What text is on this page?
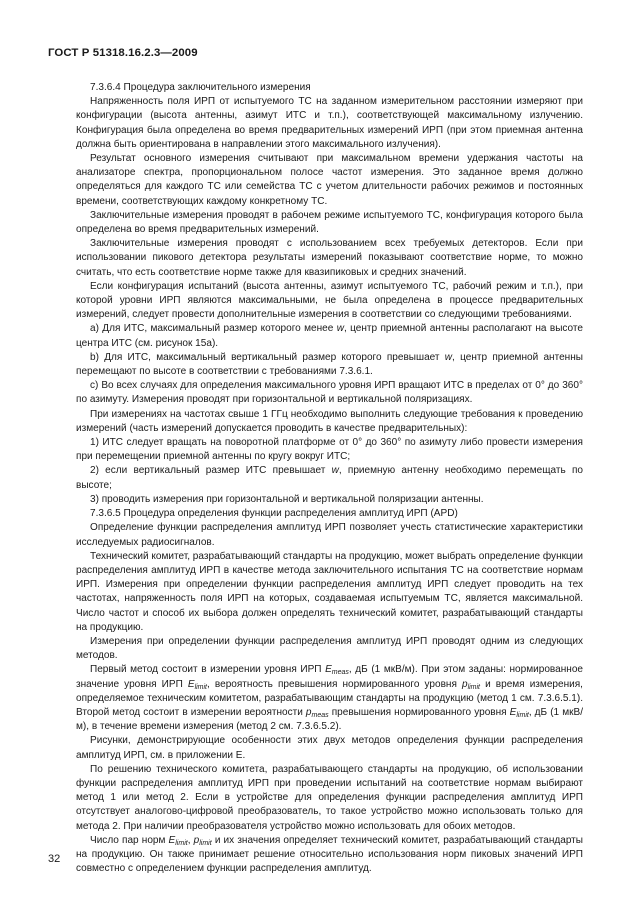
ГОСТ Р 51318.16.2.3—2009

7.3.6.4 Процедура заключительного измерения

Напряженность поля ИРП от испытуемого ТС на заданном измерительном расстоянии измеряют при конфигурации (высота антенны, азимут ИТС и т.п.), соответствующей максимальному излучению. Конфигурация была определена во время предварительных измерений ИРП (при этом приемная антенна должна быть ориентирована в направлении этого максимального излучения).

Результат основного измерения считывают при максимальном времени удержания частоты на анализаторе спектра, пропорциональном полосе частот измерения. Это заданное время должно определяться для каждого ТС или семейства ТС с учетом длительности рабочих режимов и постоянных времени, соответствующих каждому конкретному ТС.

Заключительные измерения проводят в рабочем режиме испытуемого ТС, конфигурация которого была определена во время предварительных измерений.

Заключительные измерения проводят с использованием всех требуемых детекторов. Если при использовании пикового детектора результаты измерений показывают соответствие норме, то можно считать, что есть соответствие норме также для квазипиковых и средних значений.

Если конфигурация испытаний (высота антенны, азимут испытуемого ТС, рабочий режим и т.п.), при которой уровни ИРП являются максимальными, не была определена в процессе предварительных измерений, следует провести дополнительные измерения в соответствии со следующими требованиями.

а) Для ИТС, максимальный размер которого менее w, центр приемной антенны располагают на высоте центра ИТС (см. рисунок 15а).

b) Для ИТС, максимальный вертикальный размер которого превышает w, центр приемной антенны перемещают по высоте в соответствии с требованиями 7.3.6.1.

с) Во всех случаях для определения максимального уровня ИРП вращают ИТС в пределах от 0° до 360° по азимуту. Измерения проводят при горизонтальной и вертикальной поляризациях.

При измерениях на частотах свыше 1 ГГц необходимо выполнить следующие требования к проведению измерений (часть измерений допускается проводить в качестве предварительных):

1) ИТС следует вращать на поворотной платформе от 0° до 360° по азимуту либо провести измерения при перемещении приемной антенны по кругу вокруг ИТС;

2) если вертикальный размер ИТС превышает w, приемную антенну необходимо перемещать по высоте;

3) проводить измерения при горизонтальной и вертикальной поляризации антенны.

7.3.6.5 Процедура определения функции распределения амплитуд ИРП (APD)

Определение функции распределения амплитуд ИРП позволяет учесть статистические характеристики исследуемых радиосигналов.

Технический комитет, разрабатывающий стандарты на продукцию, может выбрать определение функции распределения амплитуд ИРП в качестве метода заключительного испытания ТС на соответствие нормам ИРП. Измерения при определении функции распределения амплитуд ИРП следует проводить на тех частотах, напряженность поля ИРП на которых, создаваемая испытуемым ТС, является максимальной. Число частот и способ их выбора должен определять технический комитет, разрабатывающий стандарты на продукцию.

Измерения при определении функции распределения амплитуд ИРП проводят одним из следующих методов.

Первый метод состоит в измерении уровня ИРП $E_{meas}$, дБ (1 мкВ/м). При этом заданы: нормированное значение уровня ИРП $E_{limit}$, вероятность превышения нормированного уровня $p_{limit}$ и время измерения, определяемое техническим комитетом, разрабатывающим стандарты на продукцию (метод 1 см. 7.3.6.5.1). Второй метод состоит в измерении вероятности $p_{meas}$ превышения нормированного уровня $E_{limit}$, дБ (1 мкВ/м), в течение времени измерения (метод 2 см. 7.3.6.5.2).

Рисунки, демонстрирующие особенности этих двух методов определения функции распределения амплитуд ИРП, см. в приложении Е.

По решению технического комитета, разрабатывающего стандарты на продукцию, об использовании функции распределения амплитуд ИРП при проведении испытаний на соответствие нормам выбирают метод 1 или метод 2. Если в устройстве для определения функции распределения амплитуд ИРП отсутствует аналогово-цифровой преобразователь, то такое устройство можно использовать только для метода 2. При наличии преобразователя устройство можно использовать для обоих методов.

Число пар норм $E_{limit}$, $p_{limit}$ и их значения определяет технический комитет, разрабатывающий стандарты на продукцию. Он также принимает решение относительно использования норм пиковых значений ИРП совместно с определением функции распределения амплитуд.

32
